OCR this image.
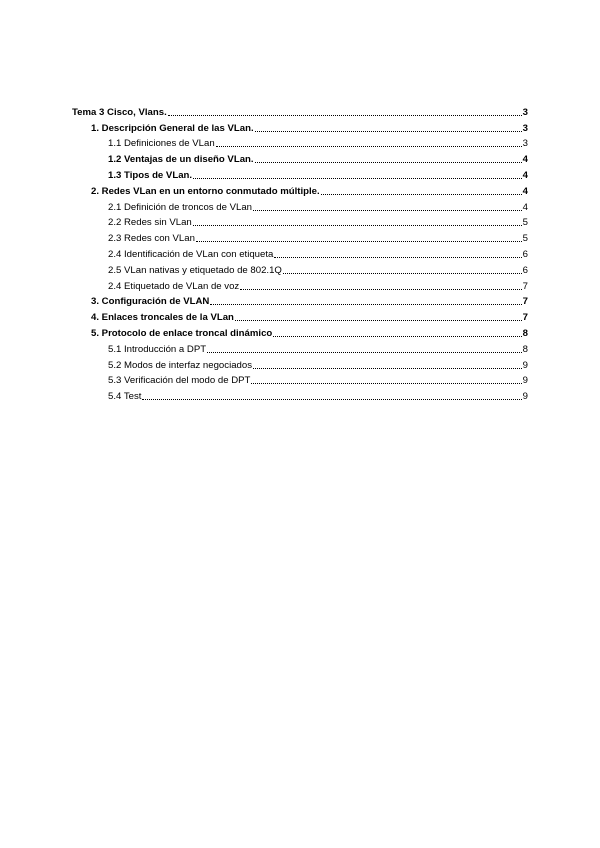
Tema 3 Cisco, Vlans.	3
1. Descripción General de las VLan.	3
1.1 Definiciones de VLan	3
1.2 Ventajas de un diseño VLan.	4
1.3 Tipos de VLan.	4
2. Redes VLan en un entorno conmutado múltiple.	4
2.1 Definición de troncos de VLan	4
2.2 Redes sin VLan	5
2.3 Redes con VLan	5
2.4 Identificación de VLan con etiqueta	6
2.5 VLan nativas y etiquetado de 802.1Q	6
2.4 Etiquetado de VLan de voz	7
3. Configuración de VLAN	7
4. Enlaces troncales de la VLan	7
5. Protocolo de enlace troncal dinámico	8
5.1 Introducción a DPT	8
5.2 Modos de interfaz negociados	9
5.3 Verificación del modo de DPT	9
5.4 Test	9
